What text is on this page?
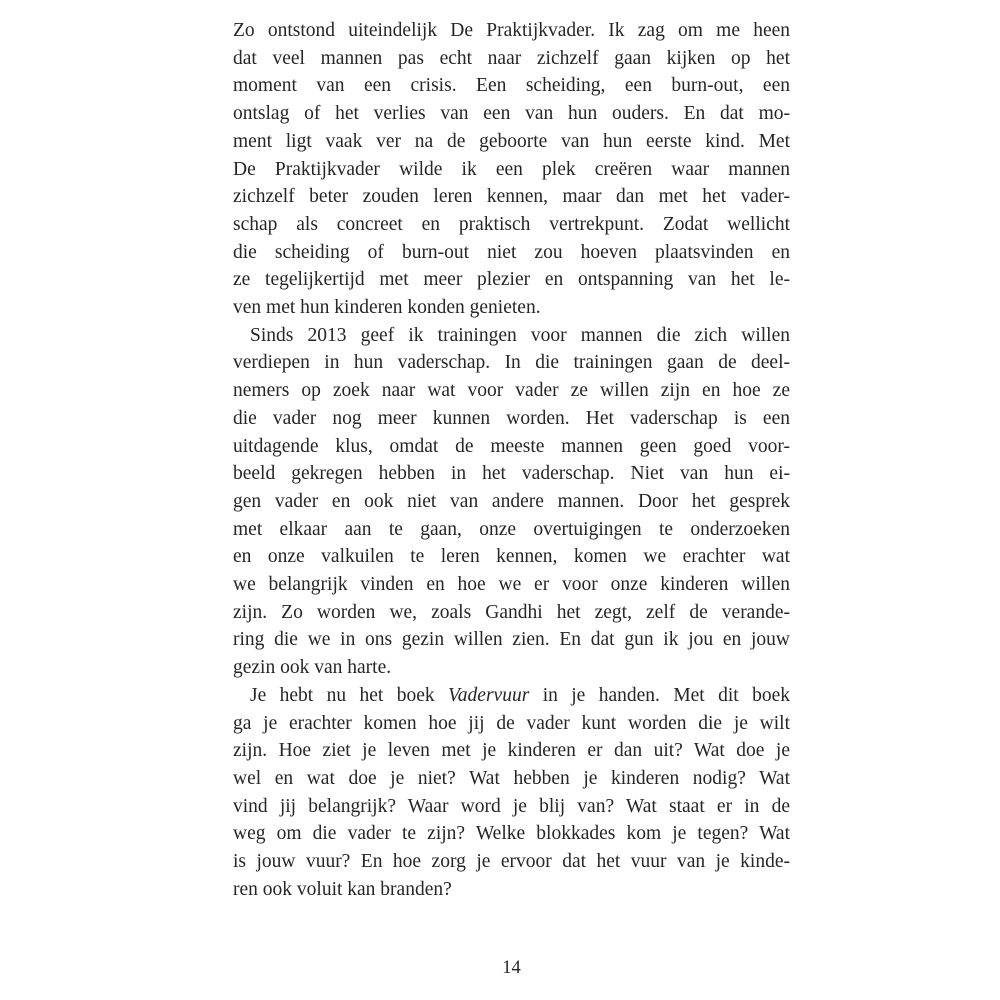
Zo ontstond uiteindelijk De Praktijkvader. Ik zag om me heen
dat veel mannen pas echt naar zichzelf gaan kijken op het
moment van een crisis. Een scheiding, een burn-out, een
ontslag of het verlies van een van hun ouders. En dat mo-
ment ligt vaak ver na de geboorte van hun eerste kind. Met
De Praktijkvader wilde ik een plek creëren waar mannen
zichzelf beter zouden leren kennen, maar dan met het vader-
schap als concreet en praktisch vertrekpunt. Zodat wellicht
die scheiding of burn-out niet zou hoeven plaatsvinden en
ze tegelijkertijd met meer plezier en ontspanning van het le-
ven met hun kinderen konden genieten.
Sinds 2013 geef ik trainingen voor mannen die zich willen
verdiepen in hun vaderschap. In die trainingen gaan de deel-
nemers op zoek naar wat voor vader ze willen zijn en hoe ze
die vader nog meer kunnen worden. Het vaderschap is een
uitdagende klus, omdat de meeste mannen geen goed voor-
beeld gekregen hebben in het vaderschap. Niet van hun ei-
gen vader en ook niet van andere mannen. Door het gesprek
met elkaar aan te gaan, onze overtuigingen te onderzoeken
en onze valkuilen te leren kennen, komen we erachter wat
we belangrijk vinden en hoe we er voor onze kinderen willen
zijn. Zo worden we, zoals Gandhi het zegt, zelf de verande-
ring die we in ons gezin willen zien. En dat gun ik jou en jouw
gezin ook van harte.
Je hebt nu het boek Vadervuur in je handen. Met dit boek
ga je erachter komen hoe jij de vader kunt worden die je wilt
zijn. Hoe ziet je leven met je kinderen er dan uit? Wat doe je
wel en wat doe je niet? Wat hebben je kinderen nodig? Wat
vind jij belangrijk? Waar word je blij van? Wat staat er in de
weg om die vader te zijn? Welke blokkades kom je tegen? Wat
is jouw vuur? En hoe zorg je ervoor dat het vuur van je kinde-
ren ook voluit kan branden?
14
